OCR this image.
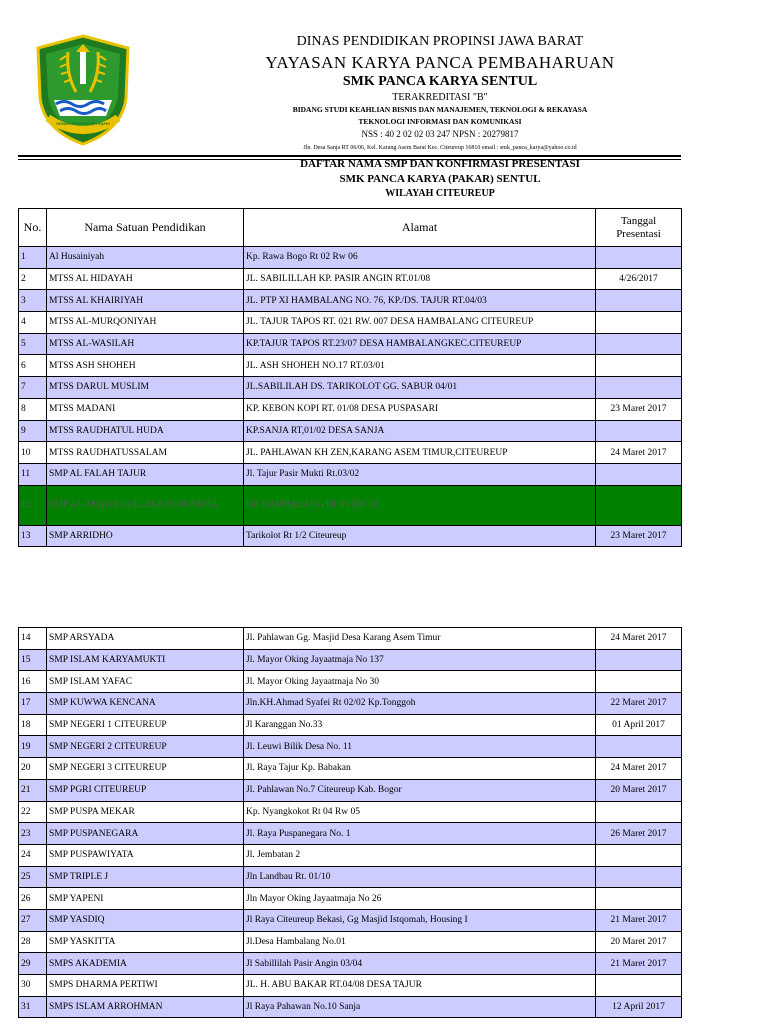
GEMAH RIPAH REPEH RAPIH
DINAS PENDIDIKAN PROPINSI JAWA BARAT
YAYASAN KARYA PANCA PEMBAHARUAN
SMK PANCA KARYA SENTUL
TERAKREDITASI "B"
BIDANG STUDI KEAHLIAN BISNIS DAN MANAJEMEN, TEKNOLOGI & REKAYASA
TEKNOLOGI INFORMASI DAN KOMUNIKASI
NSS : 40 2 02 02 03 247 NPSN : 20279817
Jln. Desa Sanja RT 06/06, Kel. Karang Asem Barat Kec. Citeureup 16810 email : smk_panca_karya@yahoo.co.id
DAFTAR NAMA SMP DAN KONFIRMASI PRESENTASI
SMK PANCA KARYA (PAKAR) SENTUL
WILAYAH CITEUREUP
No.	Nama Satuan Pendidikan	Alamat	Tanggal Presentasi
1	Al Husainiyah	Kp. Rawa Bogo Rt 02 Rw 06	
2	MTSS AL HIDAYAH	JL. SABILILLAH KP. PASIR ANGIN RT.01/08	4/26/2017
3	MTSS AL KHAIRIYAH	JL. PTP XI HAMBALANG NO. 76, KP./DS. TAJUR RT.04/03	
4	MTSS AL-MURQONIYAH	JL. TAJUR TAPOS RT. 021 RW. 007 DESA HAMBALANG CITEUREUP	
5	MTSS AL-WASILAH	KP.TAJUR TAPOS RT.23/07 DESA HAMBALANGKEC.CITEUREUP	
6	MTSS ASH SHOHEH	JL. ASH SHOHEH NO.17 RT.03/01	
7	MTSS DARUL MUSLIM	JL.SABILILAH DS. TARIKOLOT GG. SABUR 04/01	
8	MTSS MADANI	KP. KEBON KOPI RT. 01/08 DESA PUSPASARI	23 Maret 2017
9	MTSS RAUDHATUL HUDA	KP.SANJA RT,01/02 DESA SANJA	
10	MTSS RAUDHATUSSALAM	JL. PAHLAWAN KH ZEN,KARANG ASEM TIMUR,CITEUREUP	24 Maret 2017
11	SMP AL FALAH TAJUR	Jl. Tajur Pasir Mukti Rt.03/02	
12	SMP AL-TAQWA COLLEGE INDONESIA	KP. HAMBALANG RT 05 RW 02	
13	SMP ARRIDHO	Tarikolot Rt 1/2 Citeureup	23 Maret 2017
14	SMP ARSYADA	Jl. Pahlawan Gg. Masjid Desa Karang Asem Timur	24 Maret 2017
15	SMP ISLAM KARYAMUKTI	Jl. Mayor Oking Jayaatmaja No 137	
16	SMP ISLAM YAFAC	Jl. Mayor Oking Jayaatmaja No 30	
17	SMP KUWWA KENCANA	Jln.KH.Ahmad Syafei Rt 02/02 Kp.Tonggoh	22 Maret 2017
18	SMP NEGERI 1 CITEUREUP	Jl Karanggan No.33	01 April 2017
19	SMP NEGERI 2 CITEUREUP	Jl. Leuwi Bilik Desa No. 11	
20	SMP NEGERI 3 CITEUREUP	Jl. Raya Tajur Kp. Babakan	24 Maret 2017
21	SMP PGRI CITEUREUP	Jl. Pahlawan No.7 Citeureup Kab. Bogor	20 Maret 2017
22	SMP PUSPA MEKAR	Kp. Nyangkokot Rt 04 Rw 05	
23	SMP PUSPANEGARA	Jl. Raya Puspanegara No. 1	26 Maret 2017
24	SMP PUSPAWIYATA	Jl. Jembatan 2	
25	SMP TRIPLE J	Jln Landbau Rt. 01/10	
26	SMP YAPENI	Jln Mayor Oking Jayaatmaja No 26	
27	SMP YASDIQ	Jl Raya Citeureup Bekasi, Gg Masjid Istqomah, Housing I	21 Maret 2017
28	SMP YASKITTA	Jl.Desa Hambalang No.01	20 Maret 2017
29	SMPS AKADEMIA	Jl Sabillilah Pasir Angin 03/04	21 Maret 2017
30	SMPS DHARMA PERTIWI	JL. H. ABU BAKAR RT.04/08 DESA TAJUR	
31	SMPS ISLAM ARROHMAN	Jl Raya Pahawan No.10 Sanja	12 April 2017
